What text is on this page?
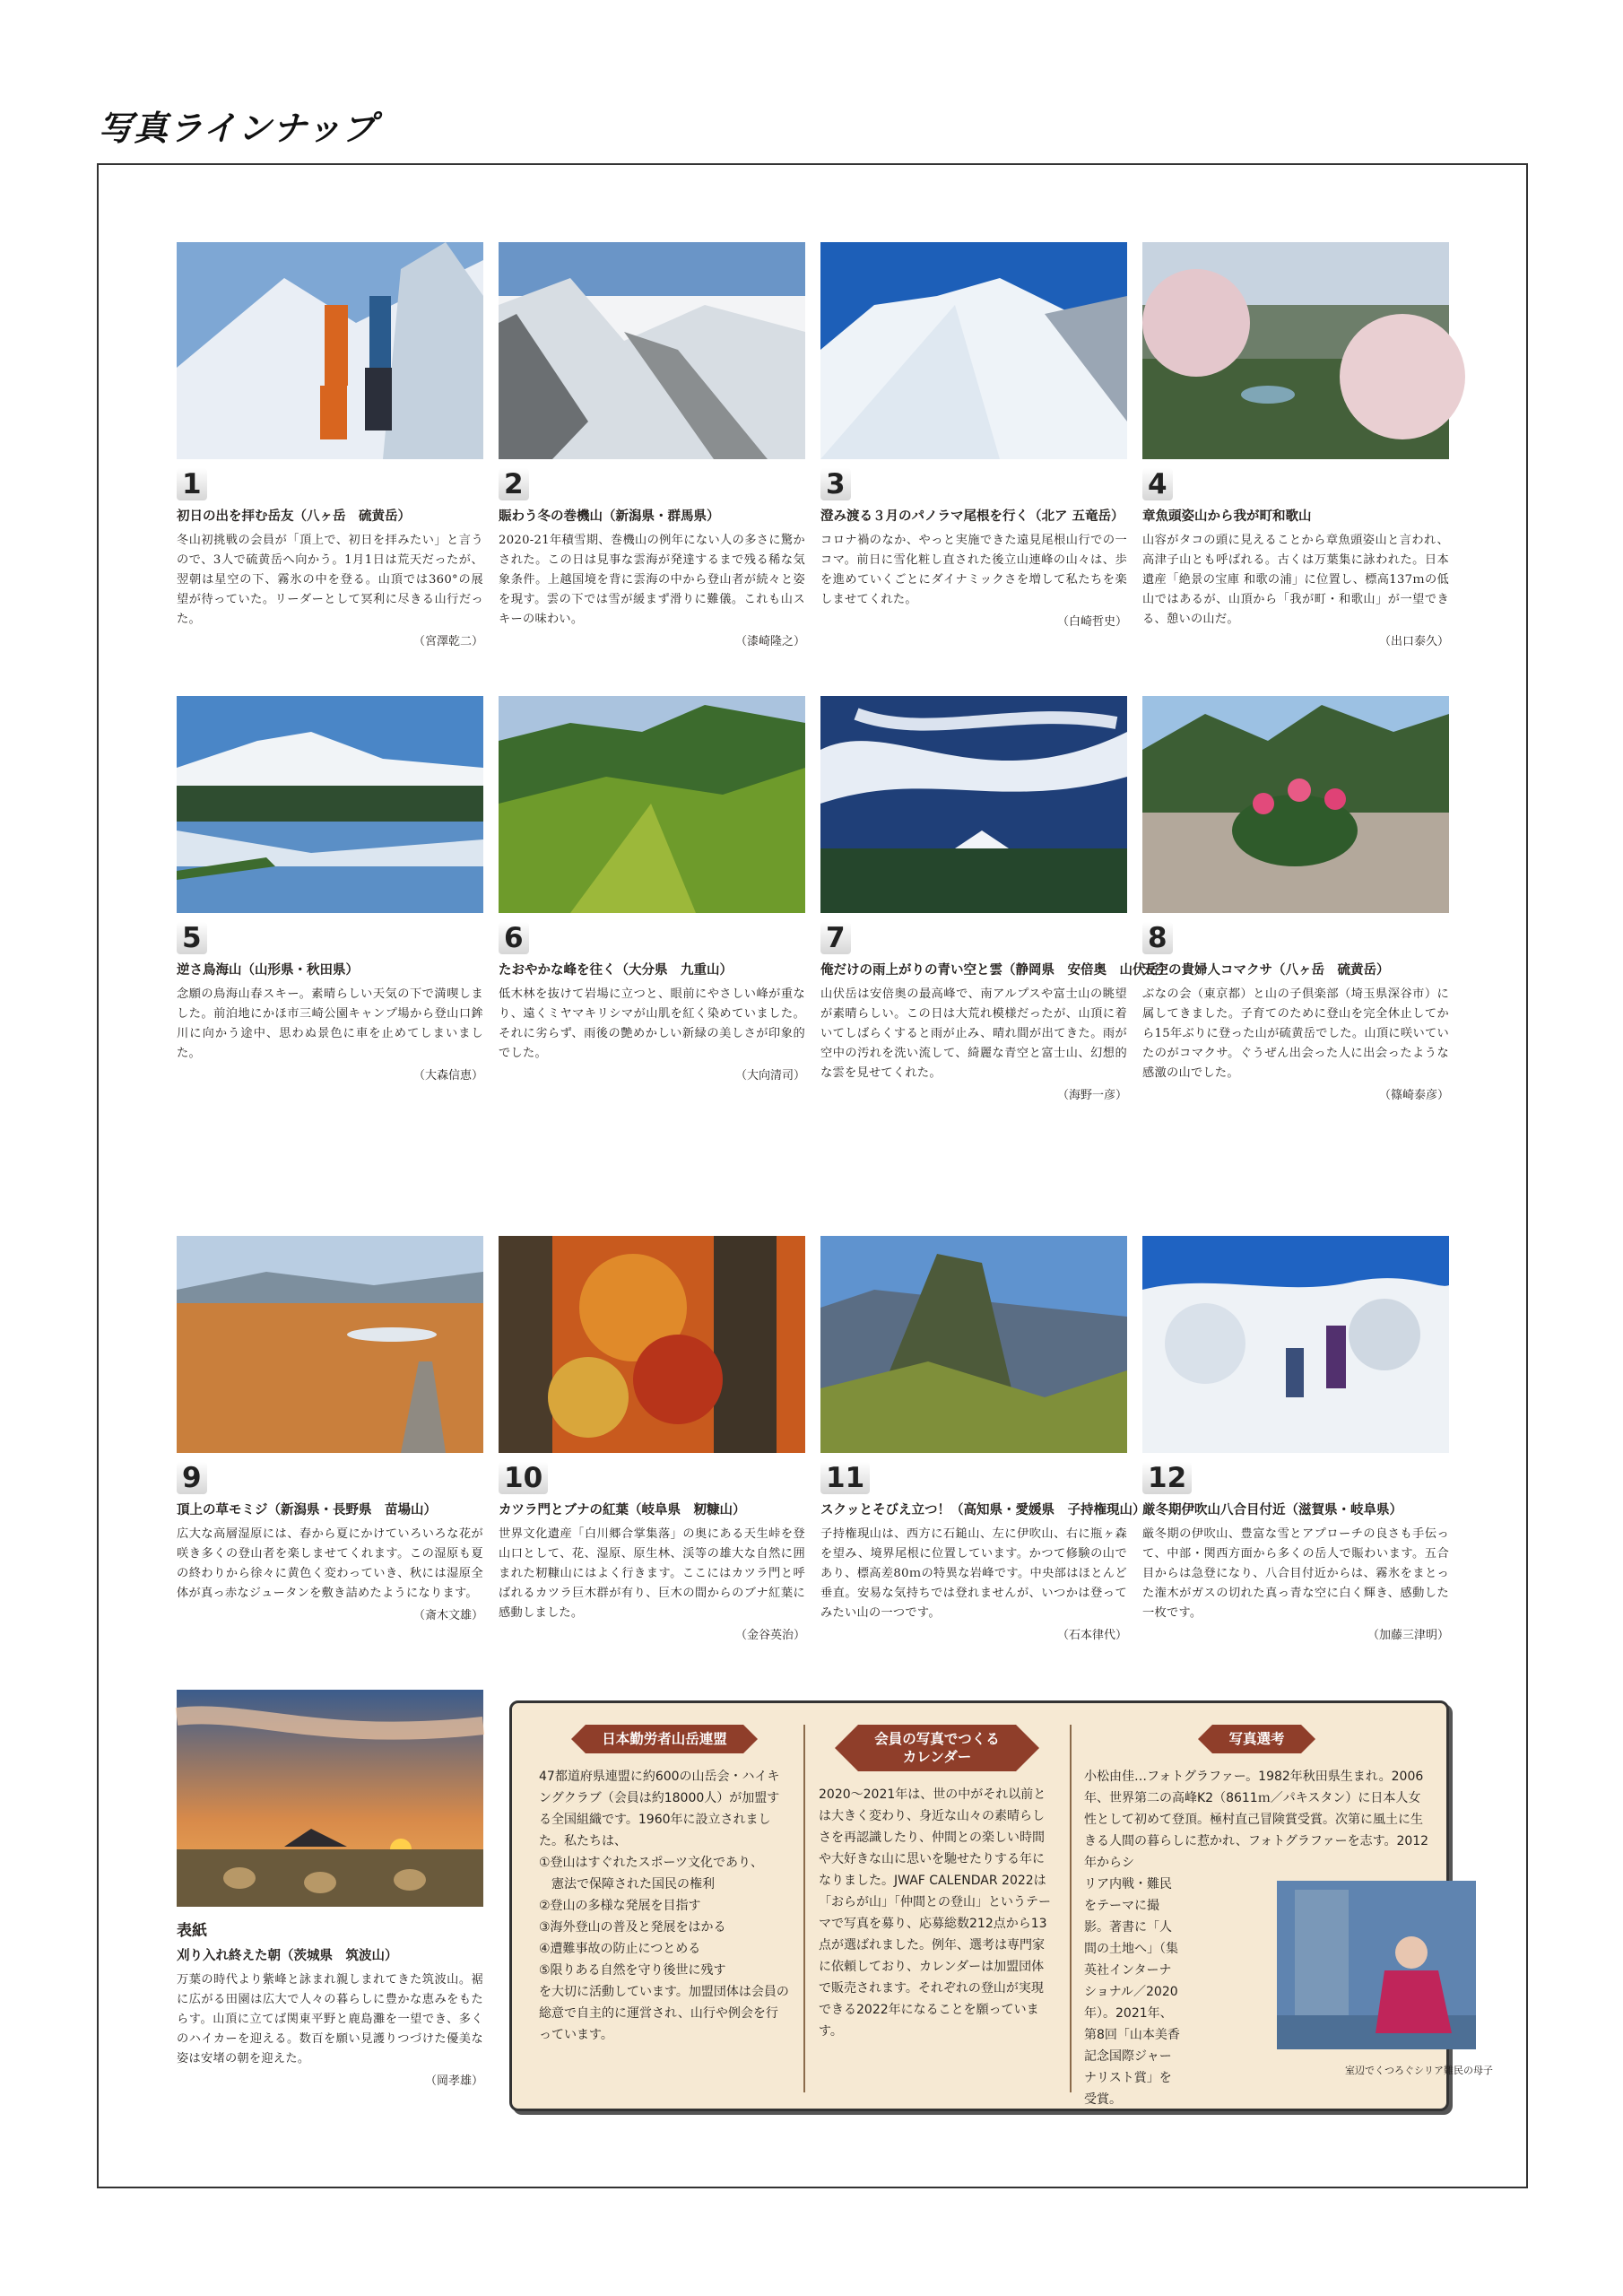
写真ラインナップ
1
初日の出を拝む岳友（八ヶ岳　硫黄岳）
冬山初挑戦の会員が「頂上で、初日を拝みたい」と言うので、3人で硫黄岳へ向かう。1月1日は荒天だったが、翌朝は星空の下、霧氷の中を登る。山頂では360°の展望が待っていた。リーダーとして冥利に尽きる山行だった。
（宮澤乾二）
2
賑わう冬の巻機山（新潟県・群馬県）
2020-21年積雪期、巻機山の例年にない人の多さに驚かされた。この日は見事な雲海が発達するまで残る稀な気象条件。上越国境を背に雲海の中から登山者が続々と姿を現す。雲の下では雪が緩まず滑りに難儀。これも山スキーの味わい。
（漆崎隆之）
3
澄み渡る３月のパノラマ尾根を行く（北ア 五竜岳）
コロナ禍のなか、やっと実施できた遠見尾根山行での一コマ。前日に雪化粧し直された後立山連峰の山々は、歩を進めていくごとにダイナミックさを増して私たちを楽しませてくれた。
（白崎哲史）
4
章魚頭姿山から我が町和歌山
山容がタコの頭に見えることから章魚頭姿山と言われ、高津子山とも呼ばれる。古くは万葉集に詠われた。日本遺産「絶景の宝庫 和歌の浦」に位置し、標高137ｍの低山ではあるが、山頂から「我が町・和歌山」が一望できる、憩いの山だ。
（出口泰久）
5
逆さ鳥海山（山形県・秋田県）
念願の鳥海山春スキー。素晴らしい天気の下で満喫しました。前泊地にかほ市三崎公園キャンプ場から登山口鉾川に向かう途中、思わぬ景色に車を止めてしまいました。
（大森信恵）
6
たおやかな峰を往く（大分県　九重山）
低木林を抜けて岩場に立つと、眼前にやさしい峰が重なり、遠くミヤマキリシマが山肌を紅く染めていました。それに劣らず、雨後の艶めかしい新緑の美しさが印象的でした。
（大向清司）
7
俺だけの雨上がりの青い空と雲（静岡県　安倍奥　山伏岳）
山伏岳は安倍奥の最高峰で、南アルプスや富士山の眺望が素晴らしい。この日は大荒れ模様だったが、山頂に着いてしばらくすると雨が止み、晴れ間が出てきた。雨が空中の汚れを洗い流して、綺麗な青空と富士山、幻想的な雲を見せてくれた。
（海野一彦）
8
天空の貴婦人コマクサ（八ヶ岳　硫黄岳）
ぶなの会（東京都）と山の子倶楽部（埼玉県深谷市）に属してきました。子育てのために登山を完全休止してから15年ぶりに登った山が硫黄岳でした。山頂に咲いていたのがコマクサ。ぐうぜん出会った人に出会ったような感激の山でした。
（篠崎泰彦）
9
頂上の草モミジ（新潟県・長野県　苗場山）
広大な高層湿原には、春から夏にかけていろいろな花が咲き多くの登山者を楽しませてくれます。この湿原も夏の終わりから徐々に黄色く変わっていき、秋には湿原全体が真っ赤なジュータンを敷き詰めたようになります。
（斎木文雄）
10
カツラ門とブナの紅葉（岐阜県　籾糠山）
世界文化遺産「白川郷合掌集落」の奥にある天生峠を登山口として、花、湿原、原生林、渓等の雄大な自然に囲まれた籾糠山にはよく行きます。ここにはカツラ門と呼ばれるカツラ巨木群が有り、巨木の間からのブナ紅葉に感動しました。
（金谷英治）
11
スクッとそびえ立つ！（高知県・愛媛県　子持権現山）
子持権現山は、西方に石鎚山、左に伊吹山、右に瓶ヶ森を望み、境界尾根に位置しています。かつて修験の山であり、標高差80ｍの特異な岩峰です。中央部はほとんど垂直。安易な気持ちでは登れませんが、いつかは登ってみたい山の一つです。
（石本律代）
12
厳冬期伊吹山八合目付近（滋賀県・岐阜県）
厳冬期の伊吹山、豊富な雪とアプローチの良さも手伝って、中部・関西方面から多くの岳人で賑わいます。五合目からは急登になり、八合目付近からは、霧氷をまとった潅木がガスの切れた真っ青な空に白く輝き、感動した一枚です。
（加藤三津明）
表紙
刈り入れ終えた朝（茨城県　筑波山）
万葉の時代より紫峰と詠まれ親しまれてきた筑波山。裾に広がる田園は広大で人々の暮らしに豊かな恵みをもたらす。山頂に立てば関東平野と鹿島灘を一望でき、多くのハイカーを迎える。数百を願い見護りつづけた優美な姿は安堵の朝を迎えた。
（岡孝雄）
日本勤労者山岳連盟

47都道府県連盟に約600の山岳会・ハイキングクラブ（会員は約18000人）が加盟する全国組織です。1960年に設立されました。私たちは、

①登山はすぐれたスポーツ文化であり、

　憲法で保障された国民の権利

②登山の多様な発展を目指す

③海外登山の普及と発展をはかる

④遭難事故の防止につとめる

⑤限りある自然を守り後世に残す

を大切に活動しています。加盟団体は会員の総意で自主的に運営され、山行や例会を行っています。

会員の写真でつくる
カレンダー

2020～2021年は、世の中がそれ以前とは大きく変わり、身近な山々の素晴らしさを再認識したり、仲間との楽しい時間や大好きな山に思いを馳せたりする年になりました。JWAF CALENDAR 2022は「おらが山」「仲間との登山」というテーマで写真を募り、応募総数212点から13点が選ばれました。例年、選考は専門家に依頼しており、カレンダーは加盟団体で販売されます。それぞれの登山が実現できる2022年になることを願っています。

写真選考

小松由佳…フォトグラファー。1982年秋田県生まれ。2006年、世界第二の高峰K2（8611ｍ／パキスタン）に日本人女性として初めて登頂。極村直己冒険賞受賞。次第に風土に生きる人間の暮らしに惹かれ、フォトグラファーを志す。2012年からシ

リア内戦・難民をテーマに撮影。著書に「人間の土地へ」（集英社インターナショナル／2020年）。2021年、第8回「山本美香記念国際ジャーナリスト賞」を受賞。

室辺でくつろぐシリア難民の母子
